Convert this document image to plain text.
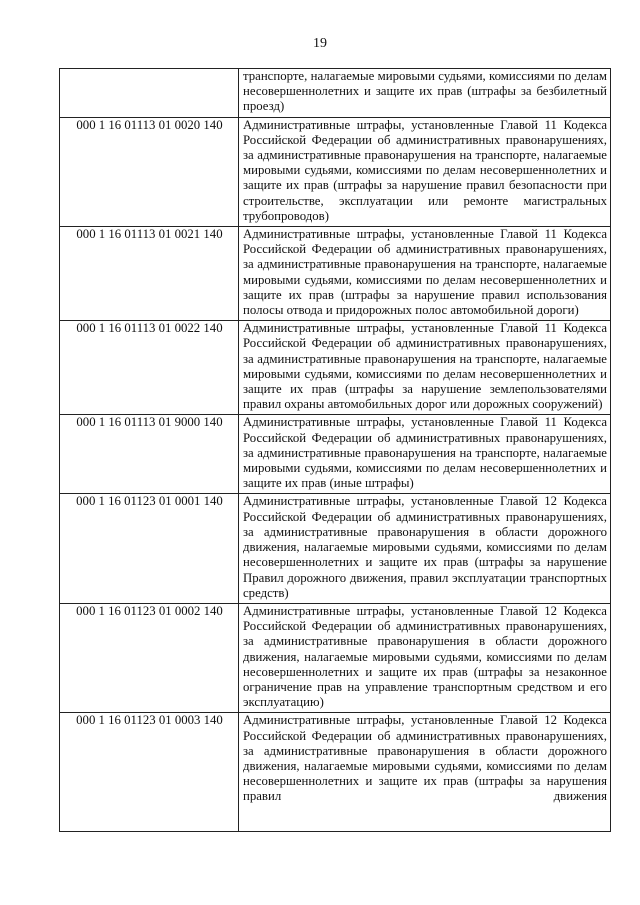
19
	транспорте, налагаемые мировыми судьями, комиссиями по делам несовершеннолетних и защите их прав (штрафы за безбилетный проезд)
000 1 16 01113 01 0020 140	Административные штрафы, установленные Главой 11 Кодекса Российской Федерации об административных правонарушениях, за административные правонарушения на транспорте, налагаемые мировыми судьями, комиссиями по делам несовершеннолетних и защите их прав (штрафы за нарушение правил безопасности при строительстве, эксплуатации или ремонте магистральных трубопроводов)
000 1 16 01113 01 0021 140	Административные штрафы, установленные Главой 11 Кодекса Российской Федерации об административных правонарушениях, за административные правонарушения на транспорте, налагаемые мировыми судьями, комиссиями по делам несовершеннолетних и защите их прав (штрафы за нарушение правил использования полосы отвода и придорожных полос автомобильной дороги)
000 1 16 01113 01 0022 140	Административные штрафы, установленные Главой 11 Кодекса Российской Федерации об административных правонарушениях, за административные правонарушения на транспорте, налагаемые мировыми судьями, комиссиями по делам несовершеннолетних и защите их прав (штрафы за нарушение землепользователями правил охраны автомобильных дорог или дорожных сооружений)
000 1 16 01113 01 9000 140	Административные штрафы, установленные Главой 11 Кодекса Российской Федерации об административных правонарушениях, за административные правонарушения на транспорте, налагаемые мировыми судьями, комиссиями по делам несовершеннолетних и защите их прав (иные штрафы)
000 1 16 01123 01 0001 140	Административные штрафы, установленные Главой 12 Кодекса Российской Федерации об административных правонарушениях, за административные правонарушения в области дорожного движения, налагаемые мировыми судьями, комиссиями по делам несовершеннолетних и защите их прав (штрафы за нарушение Правил дорожного движения, правил эксплуатации транспортных средств)
000 1 16 01123 01 0002 140	Административные штрафы, установленные Главой 12 Кодекса Российской Федерации об административных правонарушениях, за административные правонарушения в области дорожного движения, налагаемые мировыми судьями, комиссиями по делам несовершеннолетних и защите их прав (штрафы за незаконное ограничение прав на управление транспортным средством и его эксплуатацию)
000 1 16 01123 01 0003 140	Административные штрафы, установленные Главой 12 Кодекса Российской Федерации об административных правонарушениях, за административные правонарушения в области дорожного движения, налагаемые мировыми судьями, комиссиями по делам несовершеннолетних и защите их прав (штрафы за нарушения правил движения
